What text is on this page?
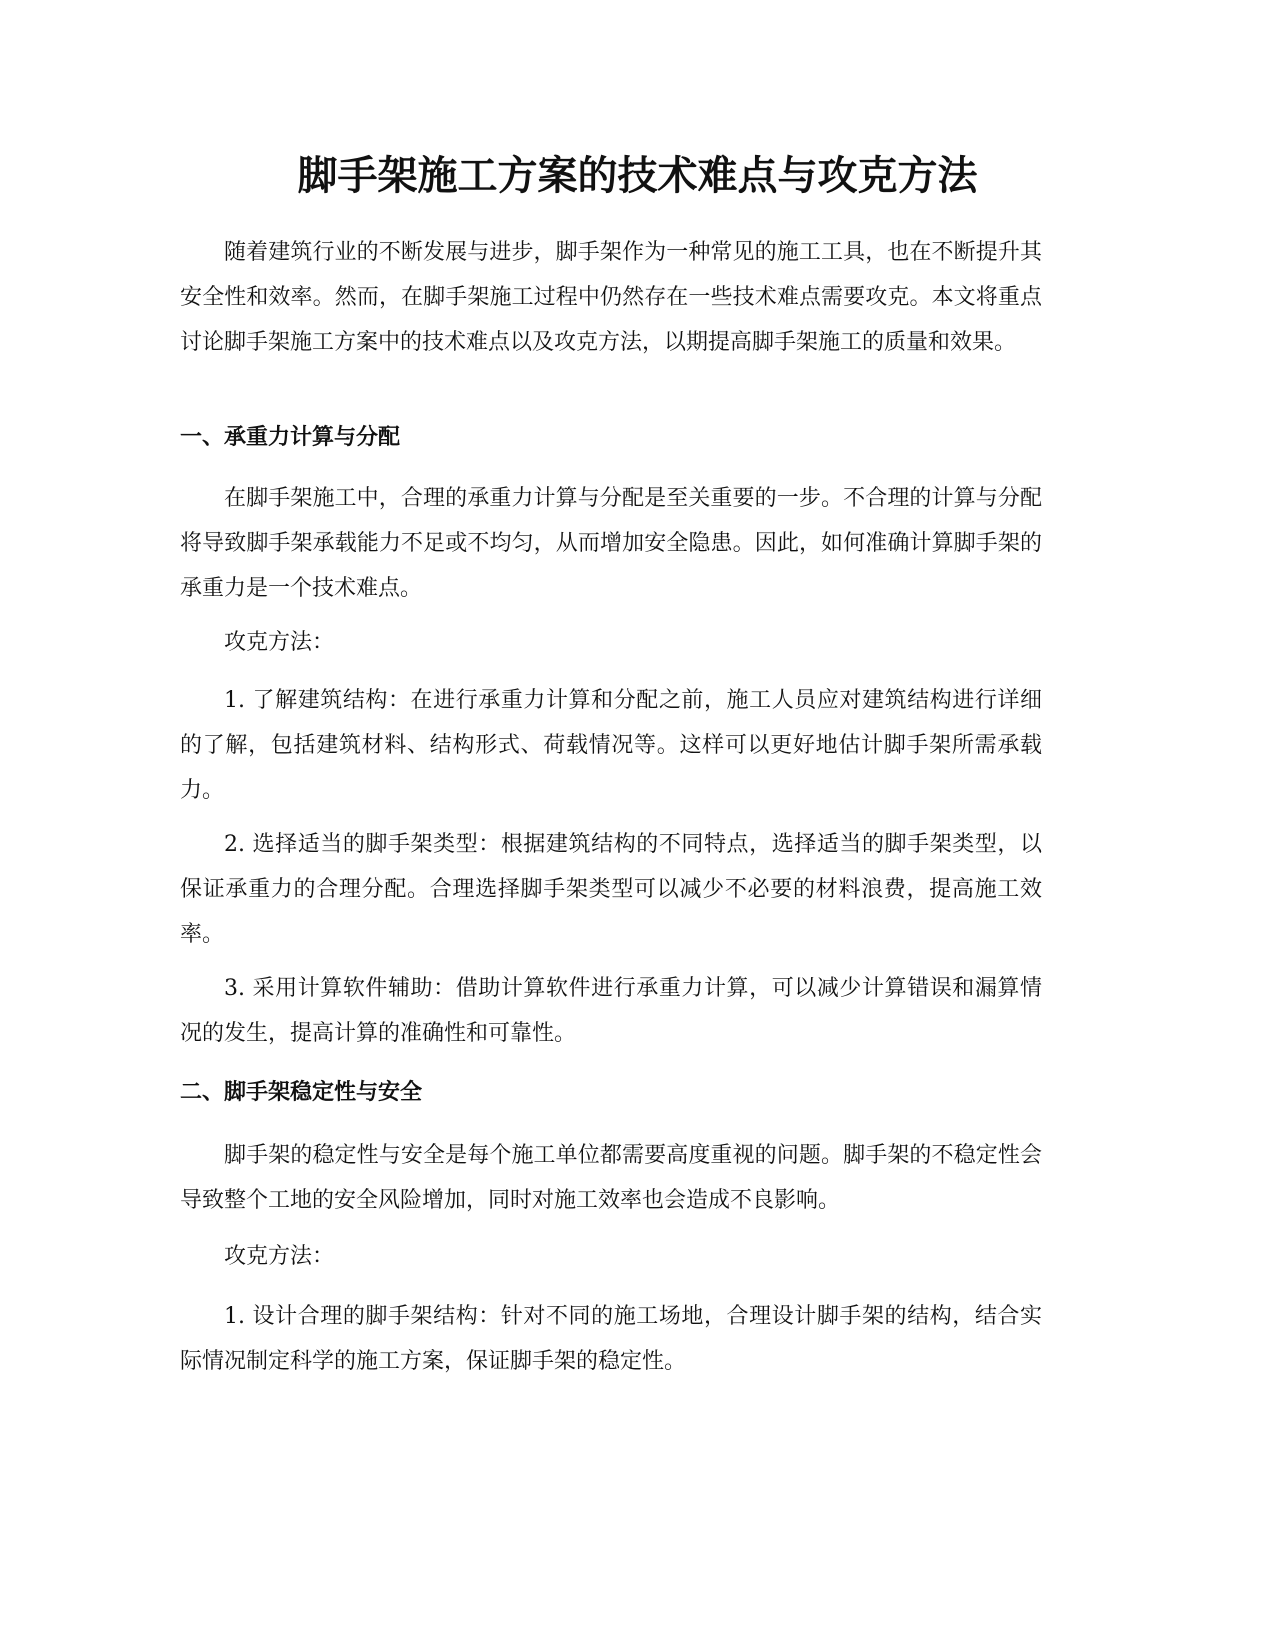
脚手架施工方案的技术难点与攻克方法

随着建筑行业的不断发展与进步，脚手架作为一种常见的施工工具，也在不断提升其安全性和效率。然而，在脚手架施工过程中仍然存在一些技术难点需要攻克。本文将重点讨论脚手架施工方案中的技术难点以及攻克方法，以期提高脚手架施工的质量和效果。

一、承重力计算与分配

在脚手架施工中，合理的承重力计算与分配是至关重要的一步。不合理的计算与分配将导致脚手架承载能力不足或不均匀，从而增加安全隐患。因此，如何准确计算脚手架的承重力是一个技术难点。

攻克方法：

1. 了解建筑结构：在进行承重力计算和分配之前，施工人员应对建筑结构进行详细的了解，包括建筑材料、结构形式、荷载情况等。这样可以更好地估计脚手架所需承载力。

2. 选择适当的脚手架类型：根据建筑结构的不同特点，选择适当的脚手架类型，以保证承重力的合理分配。合理选择脚手架类型可以减少不必要的材料浪费，提高施工效率。

3. 采用计算软件辅助：借助计算软件进行承重力计算，可以减少计算错误和漏算情况的发生，提高计算的准确性和可靠性。

二、脚手架稳定性与安全

脚手架的稳定性与安全是每个施工单位都需要高度重视的问题。脚手架的不稳定性会导致整个工地的安全风险增加，同时对施工效率也会造成不良影响。

攻克方法：

1. 设计合理的脚手架结构：针对不同的施工场地，合理设计脚手架的结构，结合实际情况制定科学的施工方案，保证脚手架的稳定性。
